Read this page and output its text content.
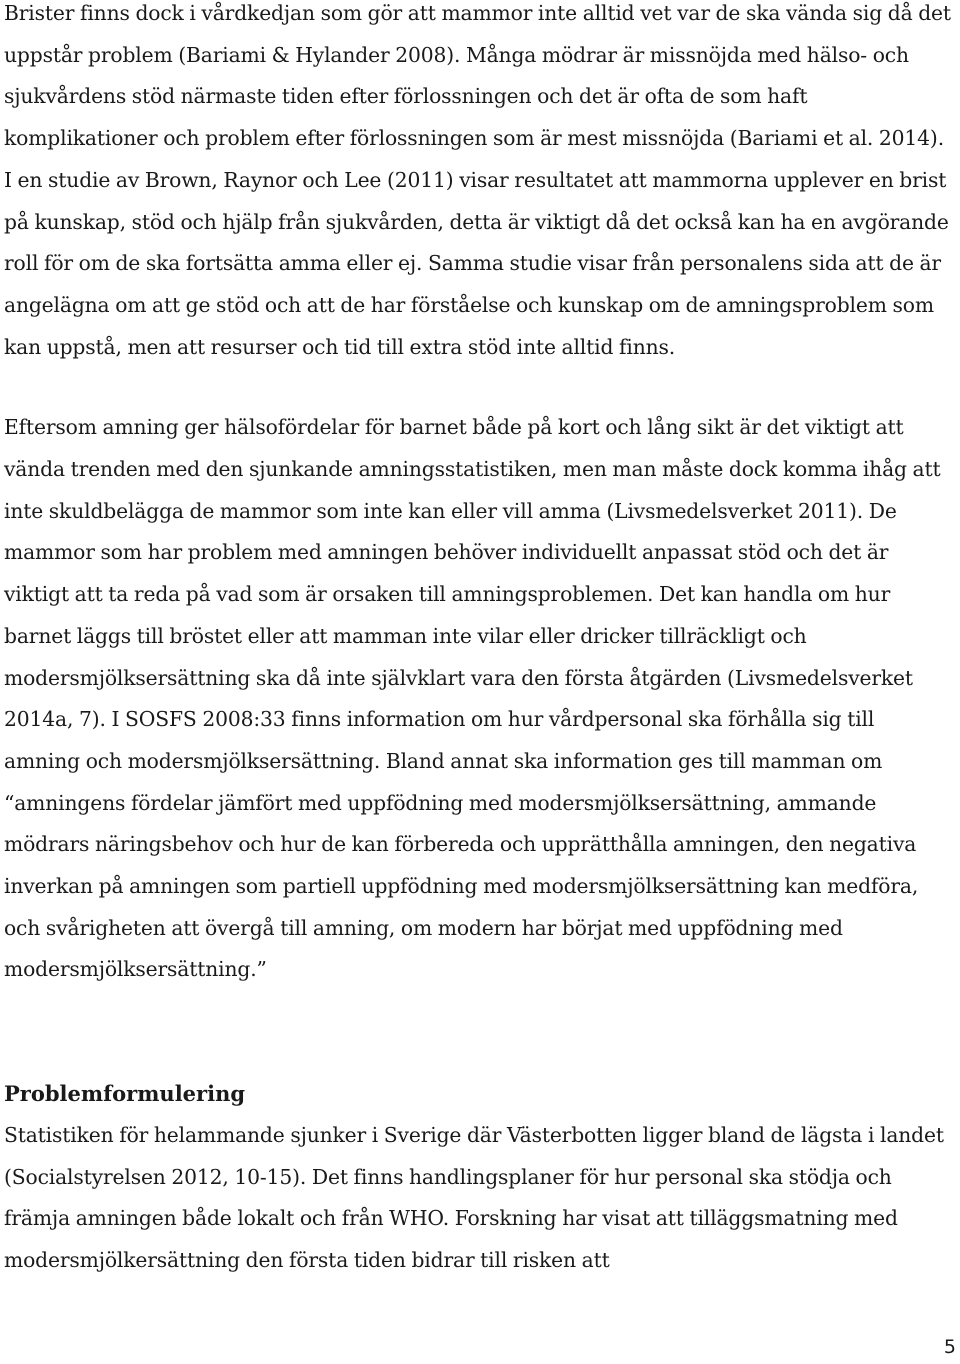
Brister finns dock i vårdkedjan som gör att mammor inte alltid vet var de ska vända sig då det uppstår problem (Bariami & Hylander 2008). Många mödrar är missnöjda med hälso- och sjukvårdens stöd närmaste tiden efter förlossningen och det är ofta de som haft komplikationer och problem efter förlossningen som är mest missnöjda (Bariami et al. 2014). I en studie av Brown, Raynor och Lee (2011) visar resultatet att mammorna upplever en brist på kunskap, stöd och hjälp från sjukvården, detta är viktigt då det också kan ha en avgörande roll för om de ska fortsätta amma eller ej. Samma studie visar från personalens sida att de är angelägna om att ge stöd och att de har förståelse och kunskap om de amningsproblem som kan uppstå, men att resurser och tid till extra stöd inte alltid finns.

Eftersom amning ger hälsofördelar för barnet både på kort och lång sikt är det viktigt att vända trenden med den sjunkande amningsstatistiken, men man måste dock komma ihåg att inte skuldbelägga de mammor som inte kan eller vill amma (Livsmedelsverket 2011). De mammor som har problem med amningen behöver individuellt anpassat stöd och det är viktigt att ta reda på vad som är orsaken till amningsproblemen. Det kan handla om hur barnet läggs till bröstet eller att mamman inte vilar eller dricker tillräckligt och modersmjölksersättning ska då inte självklart vara den första åtgärden (Livsmedelsverket 2014a, 7). I SOSFS 2008:33 finns information om hur vårdpersonal ska förhålla sig till amning och modersmjölksersättning. Bland annat ska information ges till mamman om “amningens fördelar jämfört med uppfödning med modersmjölksersättning, ammande mödrars näringsbehov och hur de kan förbereda och upprätthålla amningen, den negativa inverkan på amningen som partiell uppfödning med modersmjölksersättning kan medföra, och svårigheten att övergå till amning, om modern har börjat med uppfödning med modersmjölksersättning.”

Problemformulering

Statistiken för helammande sjunker i Sverige där Västerbotten ligger bland de lägsta i landet (Socialstyrelsen 2012, 10-15). Det finns handlingsplaner för hur personal ska stödja och främja amningen både lokalt och från WHO. Forskning har visat att tilläggsmatning med modersmjölkersättning den första tiden bidrar till risken att

5
